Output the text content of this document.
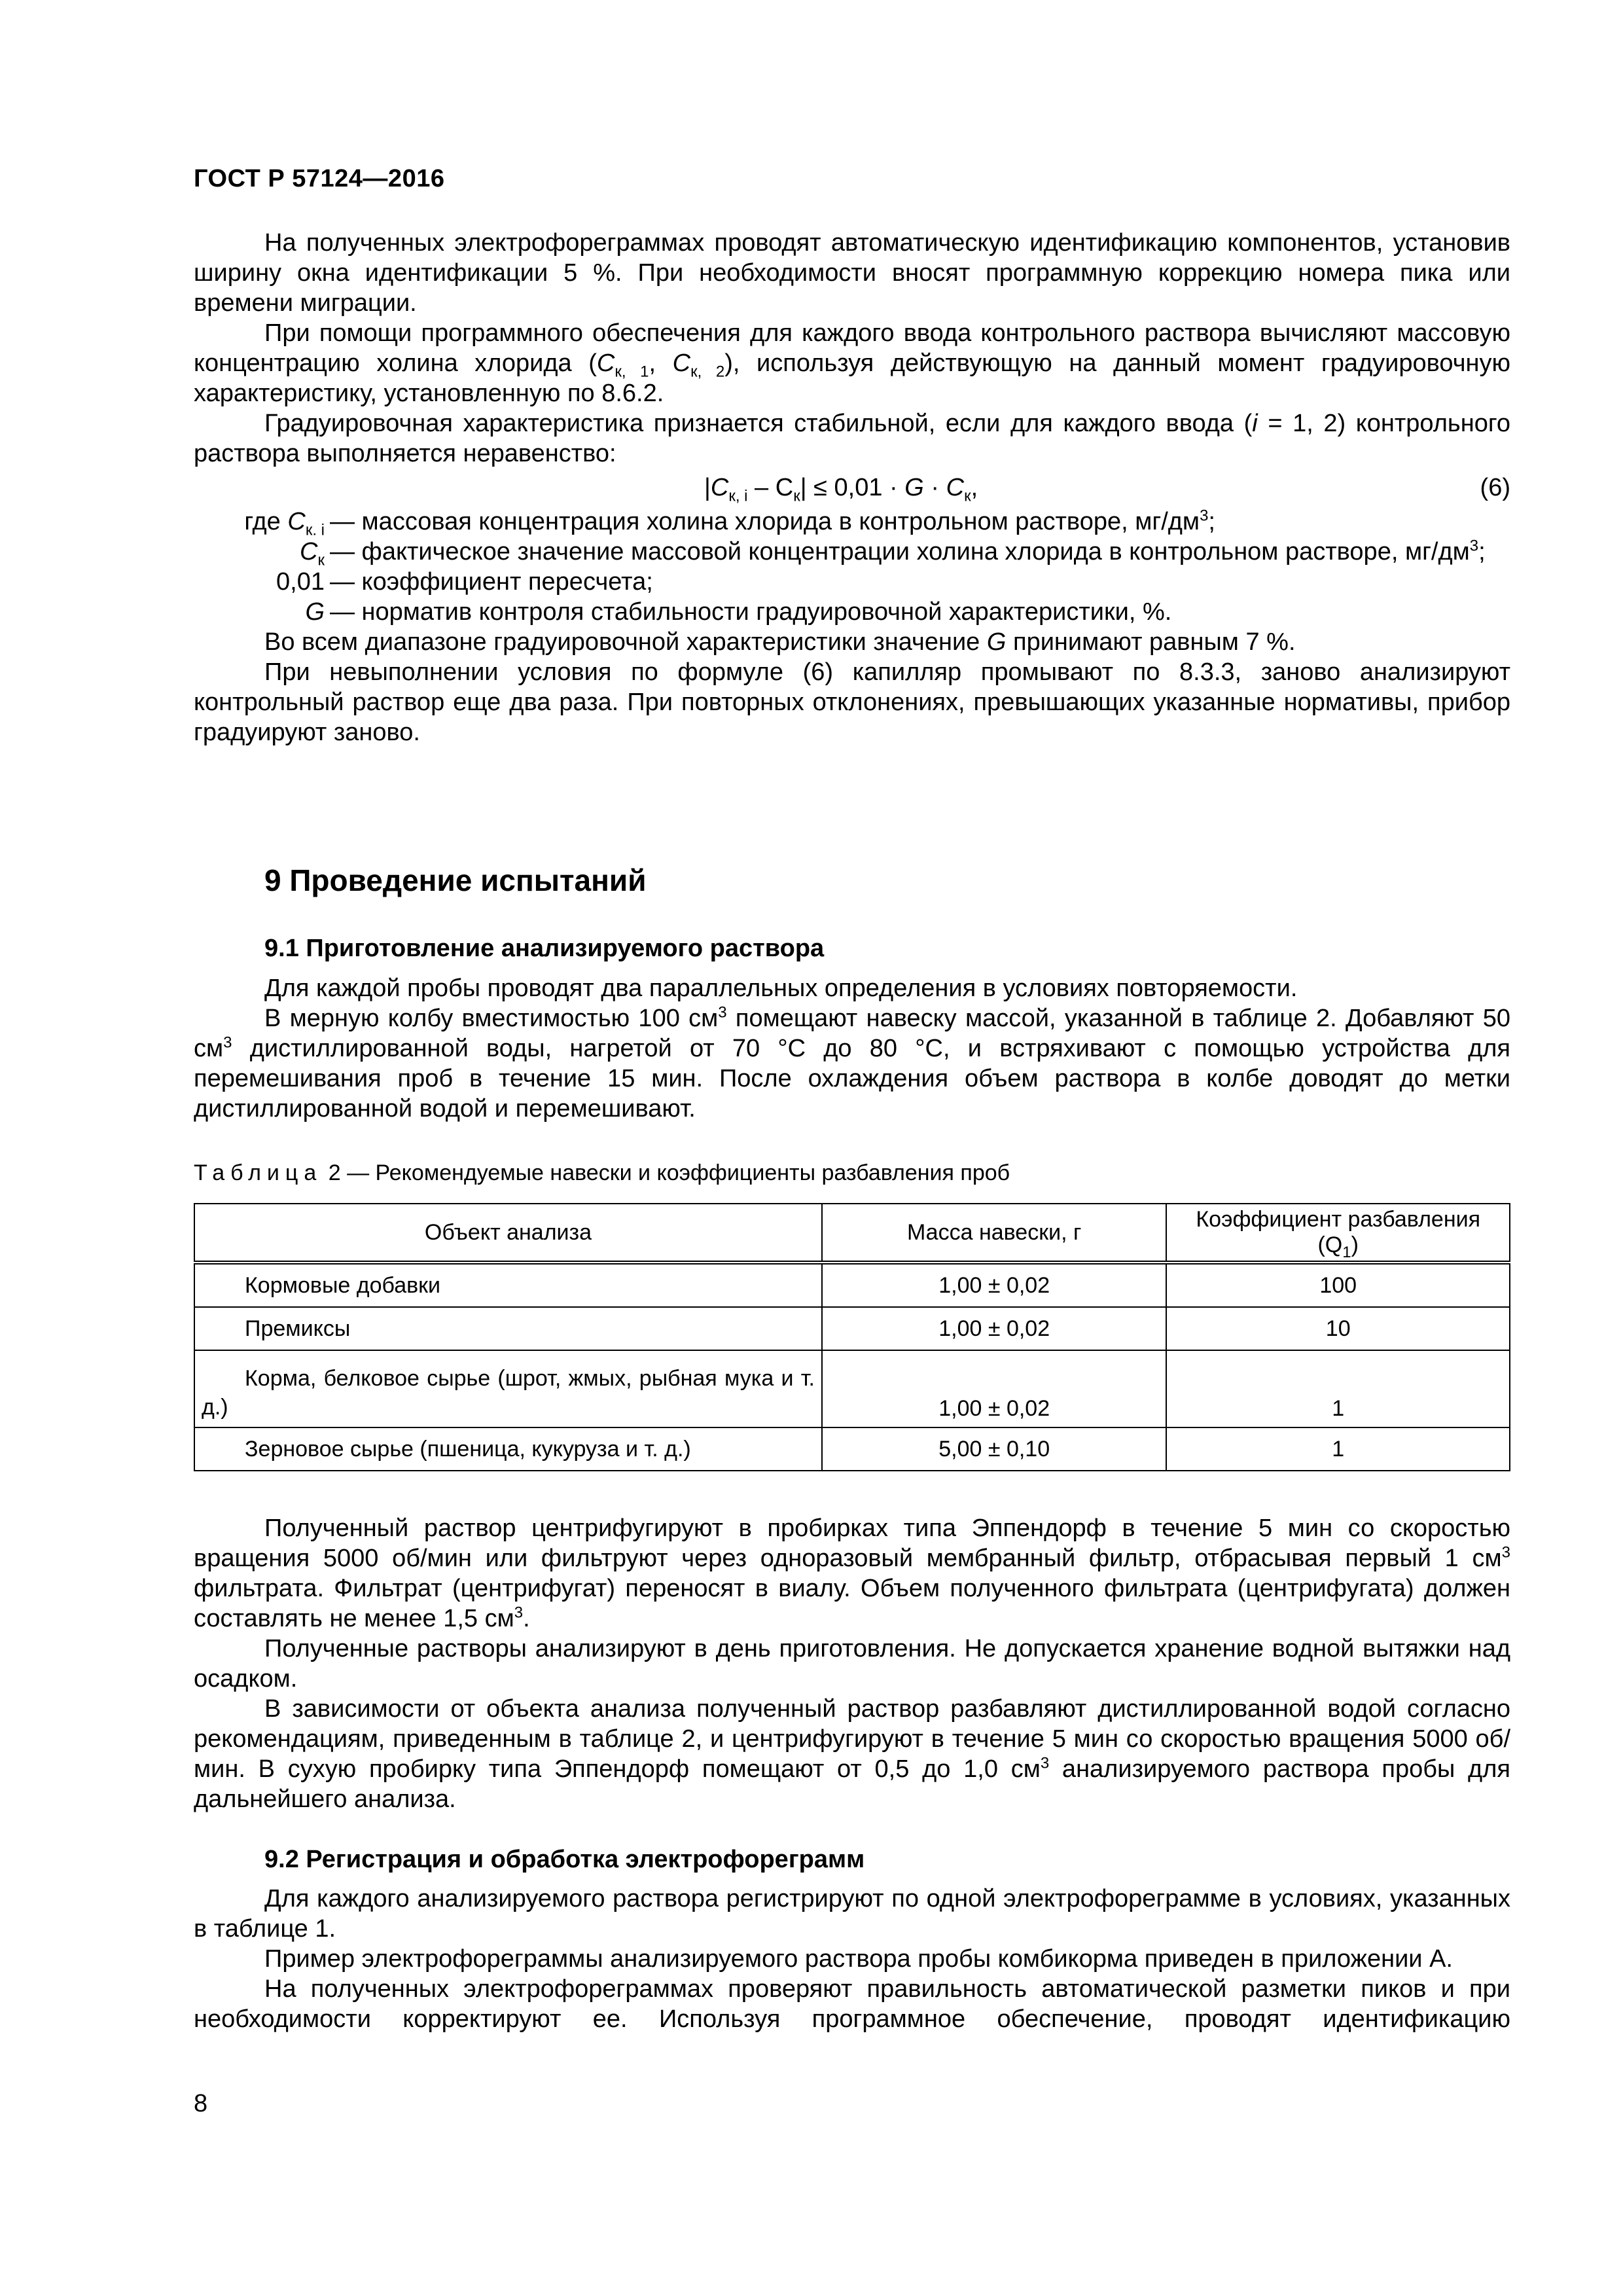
ГОСТ Р 57124—2016

На полученных электрофореграммах проводят автоматическую идентификацию компонентов, установив ширину окна идентификации 5 %. При необходимости вносят программную коррекцию номера пика или времени миграции.

При помощи программного обеспечения для каждого ввода контрольного раствора вычисляют массовую концентрацию холина хлорида ($C_{к, 1}$, $C_{к, 2}$), используя действующую на данный момент градуировочную характеристику, установленную по 8.6.2.

Градуировочная характеристика признается стабильной, если для каждого ввода (i = 1, 2) контрольного раствора выполняется неравенство:

$|C_{к, i} - C_к| \le 0,01 \cdot G \cdot C_к$,	(6)
где $C_{к. i}$ — массовая концентрация холина хлорида в контрольном растворе, $мг/дм^3$;
$C_к$ — фактическое значение массовой концентрации холина хлорида в контрольном растворе, $мг/дм^3$;
0,01 — коэффициент пересчета;
G — норматив контроля стабильности градуировочной характеристики, %.

Во всем диапазоне градуировочной характеристики значение G принимают равным 7 %.

При невыполнении условия по формуле (6) капилляр промывают по 8.3.3, заново анализируют контрольный раствор еще два раза. При повторных отклонениях, превышающих указанные нормативы, прибор градуируют заново.

9 Проведение испытаний
9.1 Приготовление анализируемого раствора

Для каждой пробы проводят два параллельных определения в условиях повторяемости.

В мерную колбу вместимостью 100 $см^3$ помещают навеску массой, указанной в таблице 2. Добавляют 50 $см^3$ дистиллированной воды, нагретой от 70 °С до 80 °С, и встряхивают с помощью устройства для перемешивания проб в течение 15 мин. После охлаждения объем раствора в колбе доводят до метки дистиллированной водой и перемешивают.

Таблица 2 — Рекомендуемые навески и коэффициенты разбавления проб
Объект анализа	Масса навески, г	Коэффициент разбавления $(Q_1)$
Кормовые добавки	1,00 ± 0,02	100
Премиксы	1,00 ± 0,02	10
Корма, белковое сырье (шрот, жмых, рыбная мука и т. д.)	1,00 ± 0,02	1
Зерновое сырье (пшеница, кукуруза и т. д.)	5,00 ± 0,10	1

Полученный раствор центрифугируют в пробирках типа Эппендорф в течение 5 мин со скоростью вращения 5000 об/мин или фильтруют через одноразовый мембранный фильтр, отбрасывая первый 1 $см^3$ фильтрата. Фильтрат (центрифугат) переносят в виалу. Объем полученного фильтрата (центрифугата) должен составлять не менее 1,5 $см^3$.

Полученные растворы анализируют в день приготовления. Не допускается хранение водной вытяжки над осадком.

В зависимости от объекта анализа полученный раствор разбавляют дистиллированной водой согласно рекомендациям, приведенным в таблице 2, и центрифугируют в течение 5 мин со скоростью вращения 5000 об/мин. В сухую пробирку типа Эппендорф помещают от 0,5 до 1,0 $см^3$ анализируемого раствора пробы для дальнейшего анализа.

9.2 Регистрация и обработка электрофореграмм

Для каждого анализируемого раствора регистрируют по одной электрофореграмме в условиях, указанных в таблице 1.

Пример электрофореграммы анализируемого раствора пробы комбикорма приведен в приложении А.

На полученных электрофореграммах проверяют правильность автоматической разметки пиков и при необходимости корректируют ее. Используя программное обеспечение, проводят идентификацию

8
